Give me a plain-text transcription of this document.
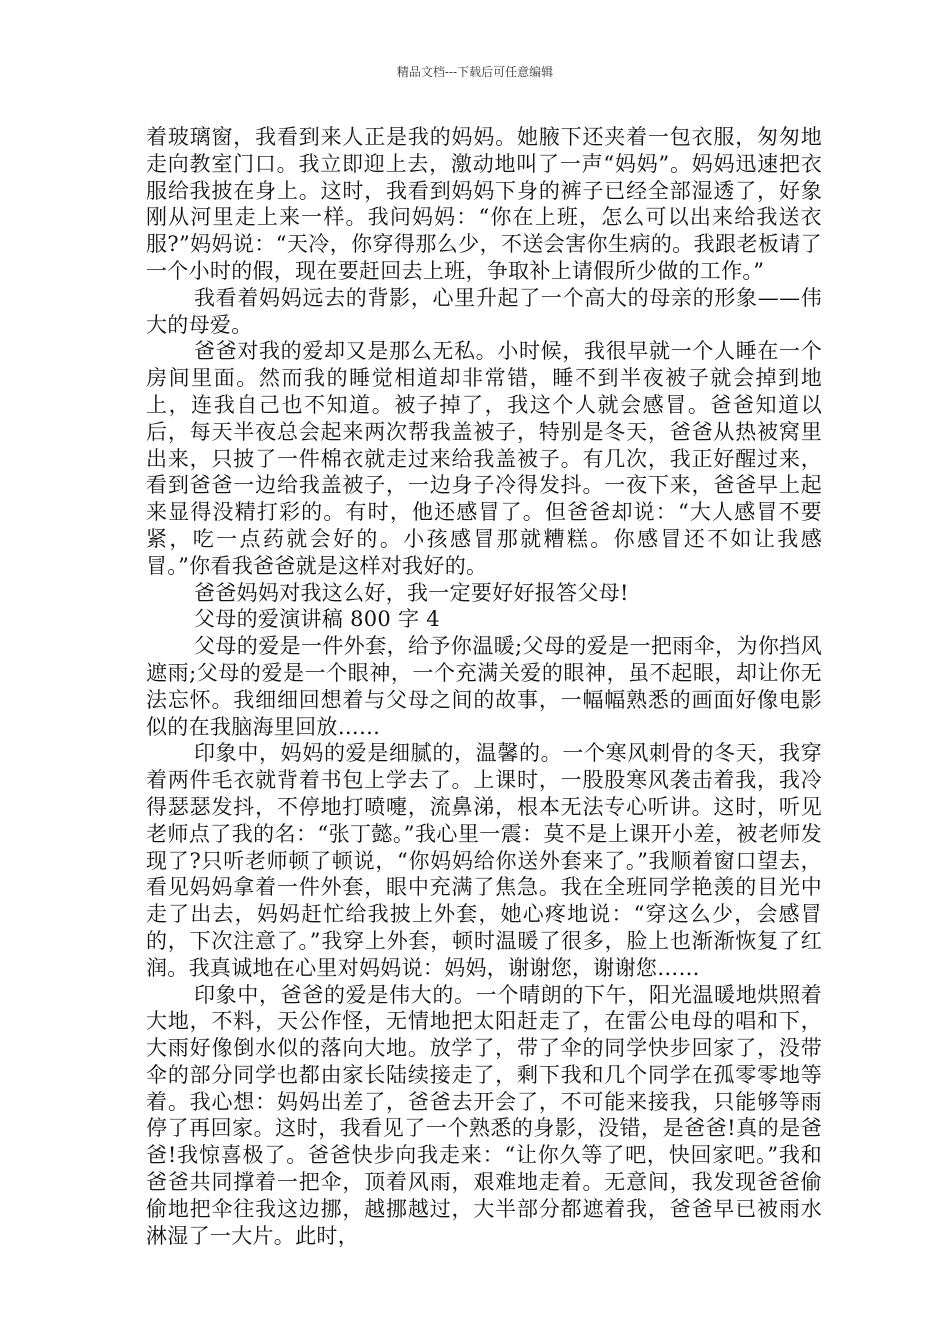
精品文档---下载后可任意编辑

着玻璃窗，我看到来人正是我的妈妈。她腋下还夹着一包衣服，匆匆地走向教室门口。我立即迎上去，激动地叫了一声“妈妈”。妈妈迅速把衣服给我披在身上。这时，我看到妈妈下身的裤子已经全部湿透了，好象刚从河里走上来一样。我问妈妈：“你在上班，怎么可以出来给我送衣服?”妈妈说：“天冷，你穿得那么少，不送会害你生病的。我跟老板请了一个小时的假，现在要赶回去上班，争取补上请假所少做的工作。”

我看着妈妈远去的背影，心里升起了一个高大的母亲的形象——伟大的母爱。

爸爸对我的爱却又是那么无私。小时候，我很早就一个人睡在一个房间里面。然而我的睡觉相道却非常错，睡不到半夜被子就会掉到地上，连我自己也不知道。被子掉了，我这个人就会感冒。爸爸知道以后，每天半夜总会起来两次帮我盖被子，特别是冬天，爸爸从热被窝里出来，只披了一件棉衣就走过来给我盖被子。有几次，我正好醒过来，看到爸爸一边给我盖被子，一边身子冷得发抖。一夜下来，爸爸早上起来显得没精打彩的。有时，他还感冒了。但爸爸却说：“大人感冒不要紧，吃一点药就会好的。小孩感冒那就糟糕。你感冒还不如让我感冒。”你看我爸爸就是这样对我好的。

爸爸妈妈对我这么好，我一定要好好报答父母!

父母的爱演讲稿 800 字 4

父母的爱是一件外套，给予你温暖;父母的爱是一把雨伞，为你挡风遮雨;父母的爱是一个眼神，一个充满关爱的眼神，虽不起眼，却让你无法忘怀。我细细回想着与父母之间的故事，一幅幅熟悉的画面好像电影似的在我脑海里回放……

印象中，妈妈的爱是细腻的，温馨的。一个寒风刺骨的冬天，我穿着两件毛衣就背着书包上学去了。上课时，一股股寒风袭击着我，我冷得瑟瑟发抖，不停地打喷嚏，流鼻涕，根本无法专心听讲。这时，听见老师点了我的名：“张丁懿。”我心里一震：莫不是上课开小差，被老师发现了?只听老师顿了顿说，“你妈妈给你送外套来了。”我顺着窗口望去，看见妈妈拿着一件外套，眼中充满了焦急。我在全班同学艳羡的目光中走了出去，妈妈赶忙给我披上外套，她心疼地说：“穿这么少，会感冒的，下次注意了。”我穿上外套，顿时温暖了很多，脸上也渐渐恢复了红润。我真诚地在心里对妈妈说：妈妈，谢谢您，谢谢您……

印象中，爸爸的爱是伟大的。一个晴朗的下午，阳光温暖地烘照着大地，不料，天公作怪，无情地把太阳赶走了，在雷公电母的唱和下，大雨好像倒水似的落向大地。放学了，带了伞的同学快步回家了，没带伞的部分同学也都由家长陆续接走了，剩下我和几个同学在孤零零地等着。我心想：妈妈出差了，爸爸去开会了，不可能来接我，只能够等雨停了再回家。这时，我看见了一个熟悉的身影，没错，是爸爸!真的是爸爸!我惊喜极了。爸爸快步向我走来：“让你久等了吧，快回家吧。”我和爸爸共同撑着一把伞，顶着风雨，艰难地走着。无意间，我发现爸爸偷偷地把伞往我这边挪，越挪越过，大半部分都遮着我，爸爸早已被雨水淋湿了一大片。此时，
